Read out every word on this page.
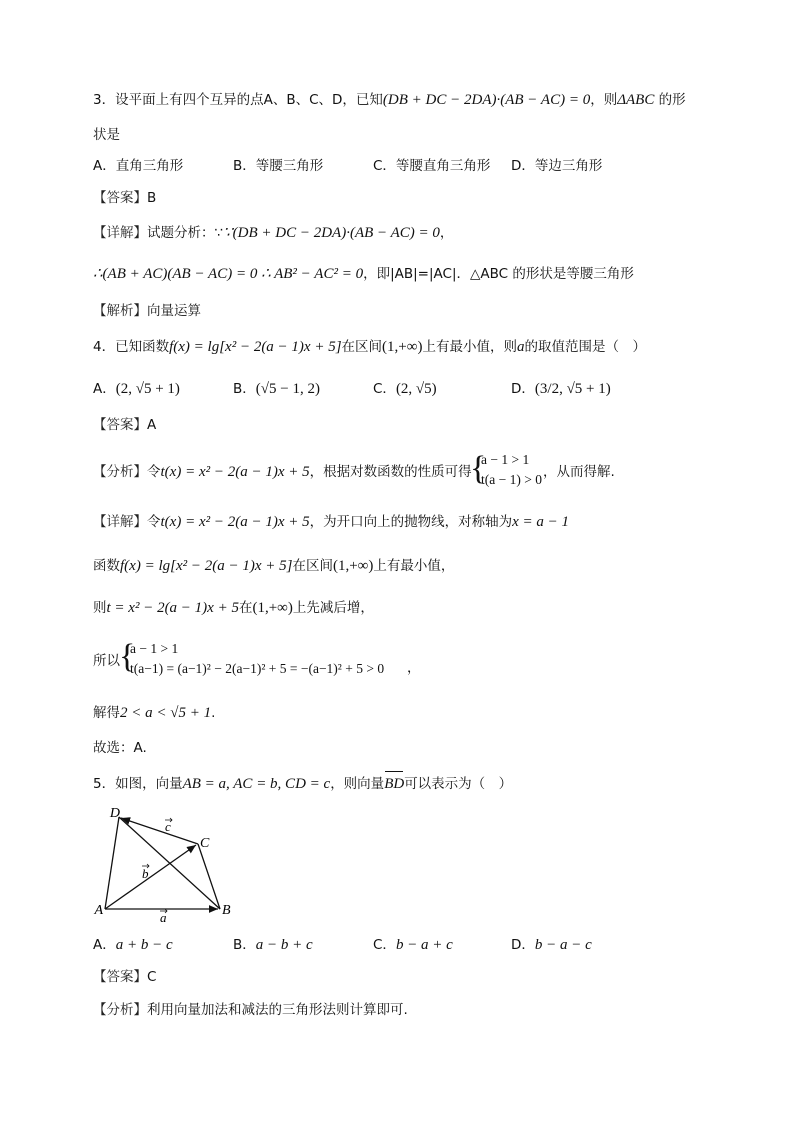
3．设平面上有四个互异的点A、B、C、D，已知(DB + DC − 2DA)·(AB − AC) = 0，则ΔABC 的形
状是
A．直角三角形	B．等腰三角形	C．等腰直角三角形 D．等边三角形
【答案】B
【详解】试题分析：∵∵(DB + DC − 2DA)·(AB − AC) = 0，
∴(AB + AC)(AB − AC) = 0 ∴ AB² − AC² = 0，即|AB|=|AC|．△ABC 的形状是等腰三角形
【解析】向量运算
4．已知函数f(x) = lg[x² − 2(a − 1)x + 5]在区间(1,+∞)上有最小值，则a的取值范围是（　）
A．(2, √5 + 1)	B．(√5 − 1, 2)	C．(2, √5)	D．(3/2, √5 + 1)
【答案】A
【分析】令t(x) = x² − 2(a − 1)x + 5，根据对数函数的性质可得
{
a − 1 > 1
t(a − 1) > 0 ，从而得解.
【详解】令t(x) = x² − 2(a − 1)x + 5，为开口向上的抛物线，对称轴为x = a − 1
函数f(x) = lg[x² − 2(a − 1)x + 5]在区间(1,+∞)上有最小值，
则t = x² − 2(a − 1)x + 5在(1,+∞)上先减后增，
所以 {
a − 1 > 1
t(a−1) = (a−1)² − 2(a−1)² + 5 = −(a−1)² + 5 > 0 ，
解得2 < a < √5 + 1.
故选：A.
5．如图，向量AB = a, AC = b, CD = c，则向量BD可以表示为（　）
D
C
A	B
c
b
a
A．a + b − c	B．a − b + c	C．b − a + c	D．b − a − c
【答案】C
【分析】利用向量加法和减法的三角形法则计算即可.
